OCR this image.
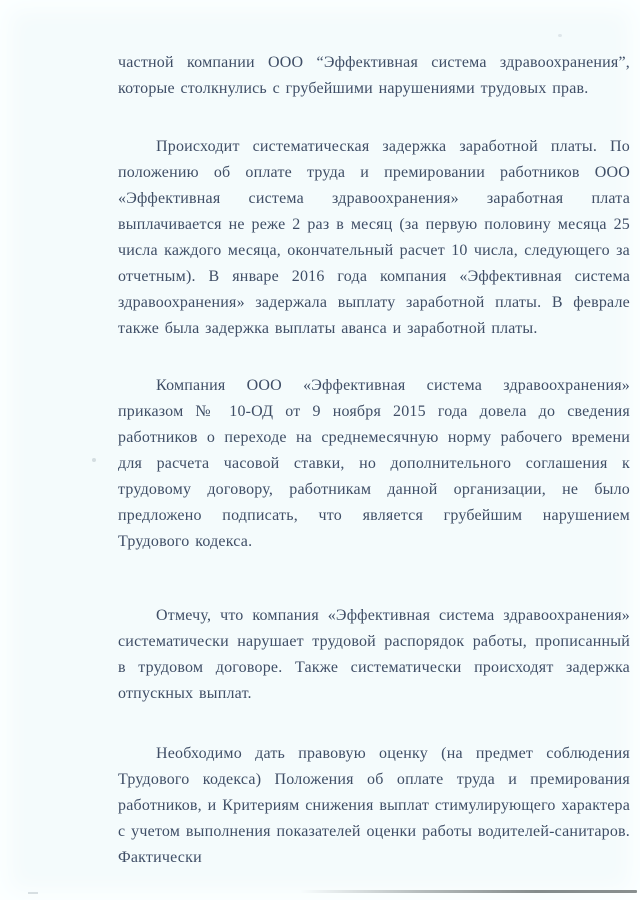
частной компании ООО “Эффективная система здравоохранения”, которые столкнулись с грубейшими нарушениями трудовых прав.

Происходит систематическая задержка заработной платы. По положению об оплате труда и премировании работников ООО «Эффективная система здравоохранения» заработная плата выплачивается не реже 2 раз в месяц (за первую половину месяца 25 числа каждого месяца, окончательный расчет 10 числа, следующего за отчетным). В январе 2016 года компания «Эффективная система здравоохранения» задержала выплату заработной платы. В феврале также была задержка выплаты аванса и заработной платы.

Компания ООО «Эффективная система здравоохранения» приказом № 10-ОД от 9 ноября 2015 года довела до сведения работников о переходе на среднемесячную норму рабочего времени для расчета часовой ставки, но дополнительного соглашения к трудовому договору, работникам данной организации, не было предложено подписать, что является грубейшим нарушением Трудового кодекса.

Отмечу, что компания «Эффективная система здравоохранения» систематически нарушает трудовой распорядок работы, прописанный в трудовом договоре. Также систематически происходят задержка отпускных выплат.

Необходимо дать правовую оценку (на предмет соблюдения Трудового кодекса) Положения об оплате труда и премирования работников, и Критериям снижения выплат стимулирующего характера с учетом выполнения показателей оценки работы водителей-санитаров. Фактически
